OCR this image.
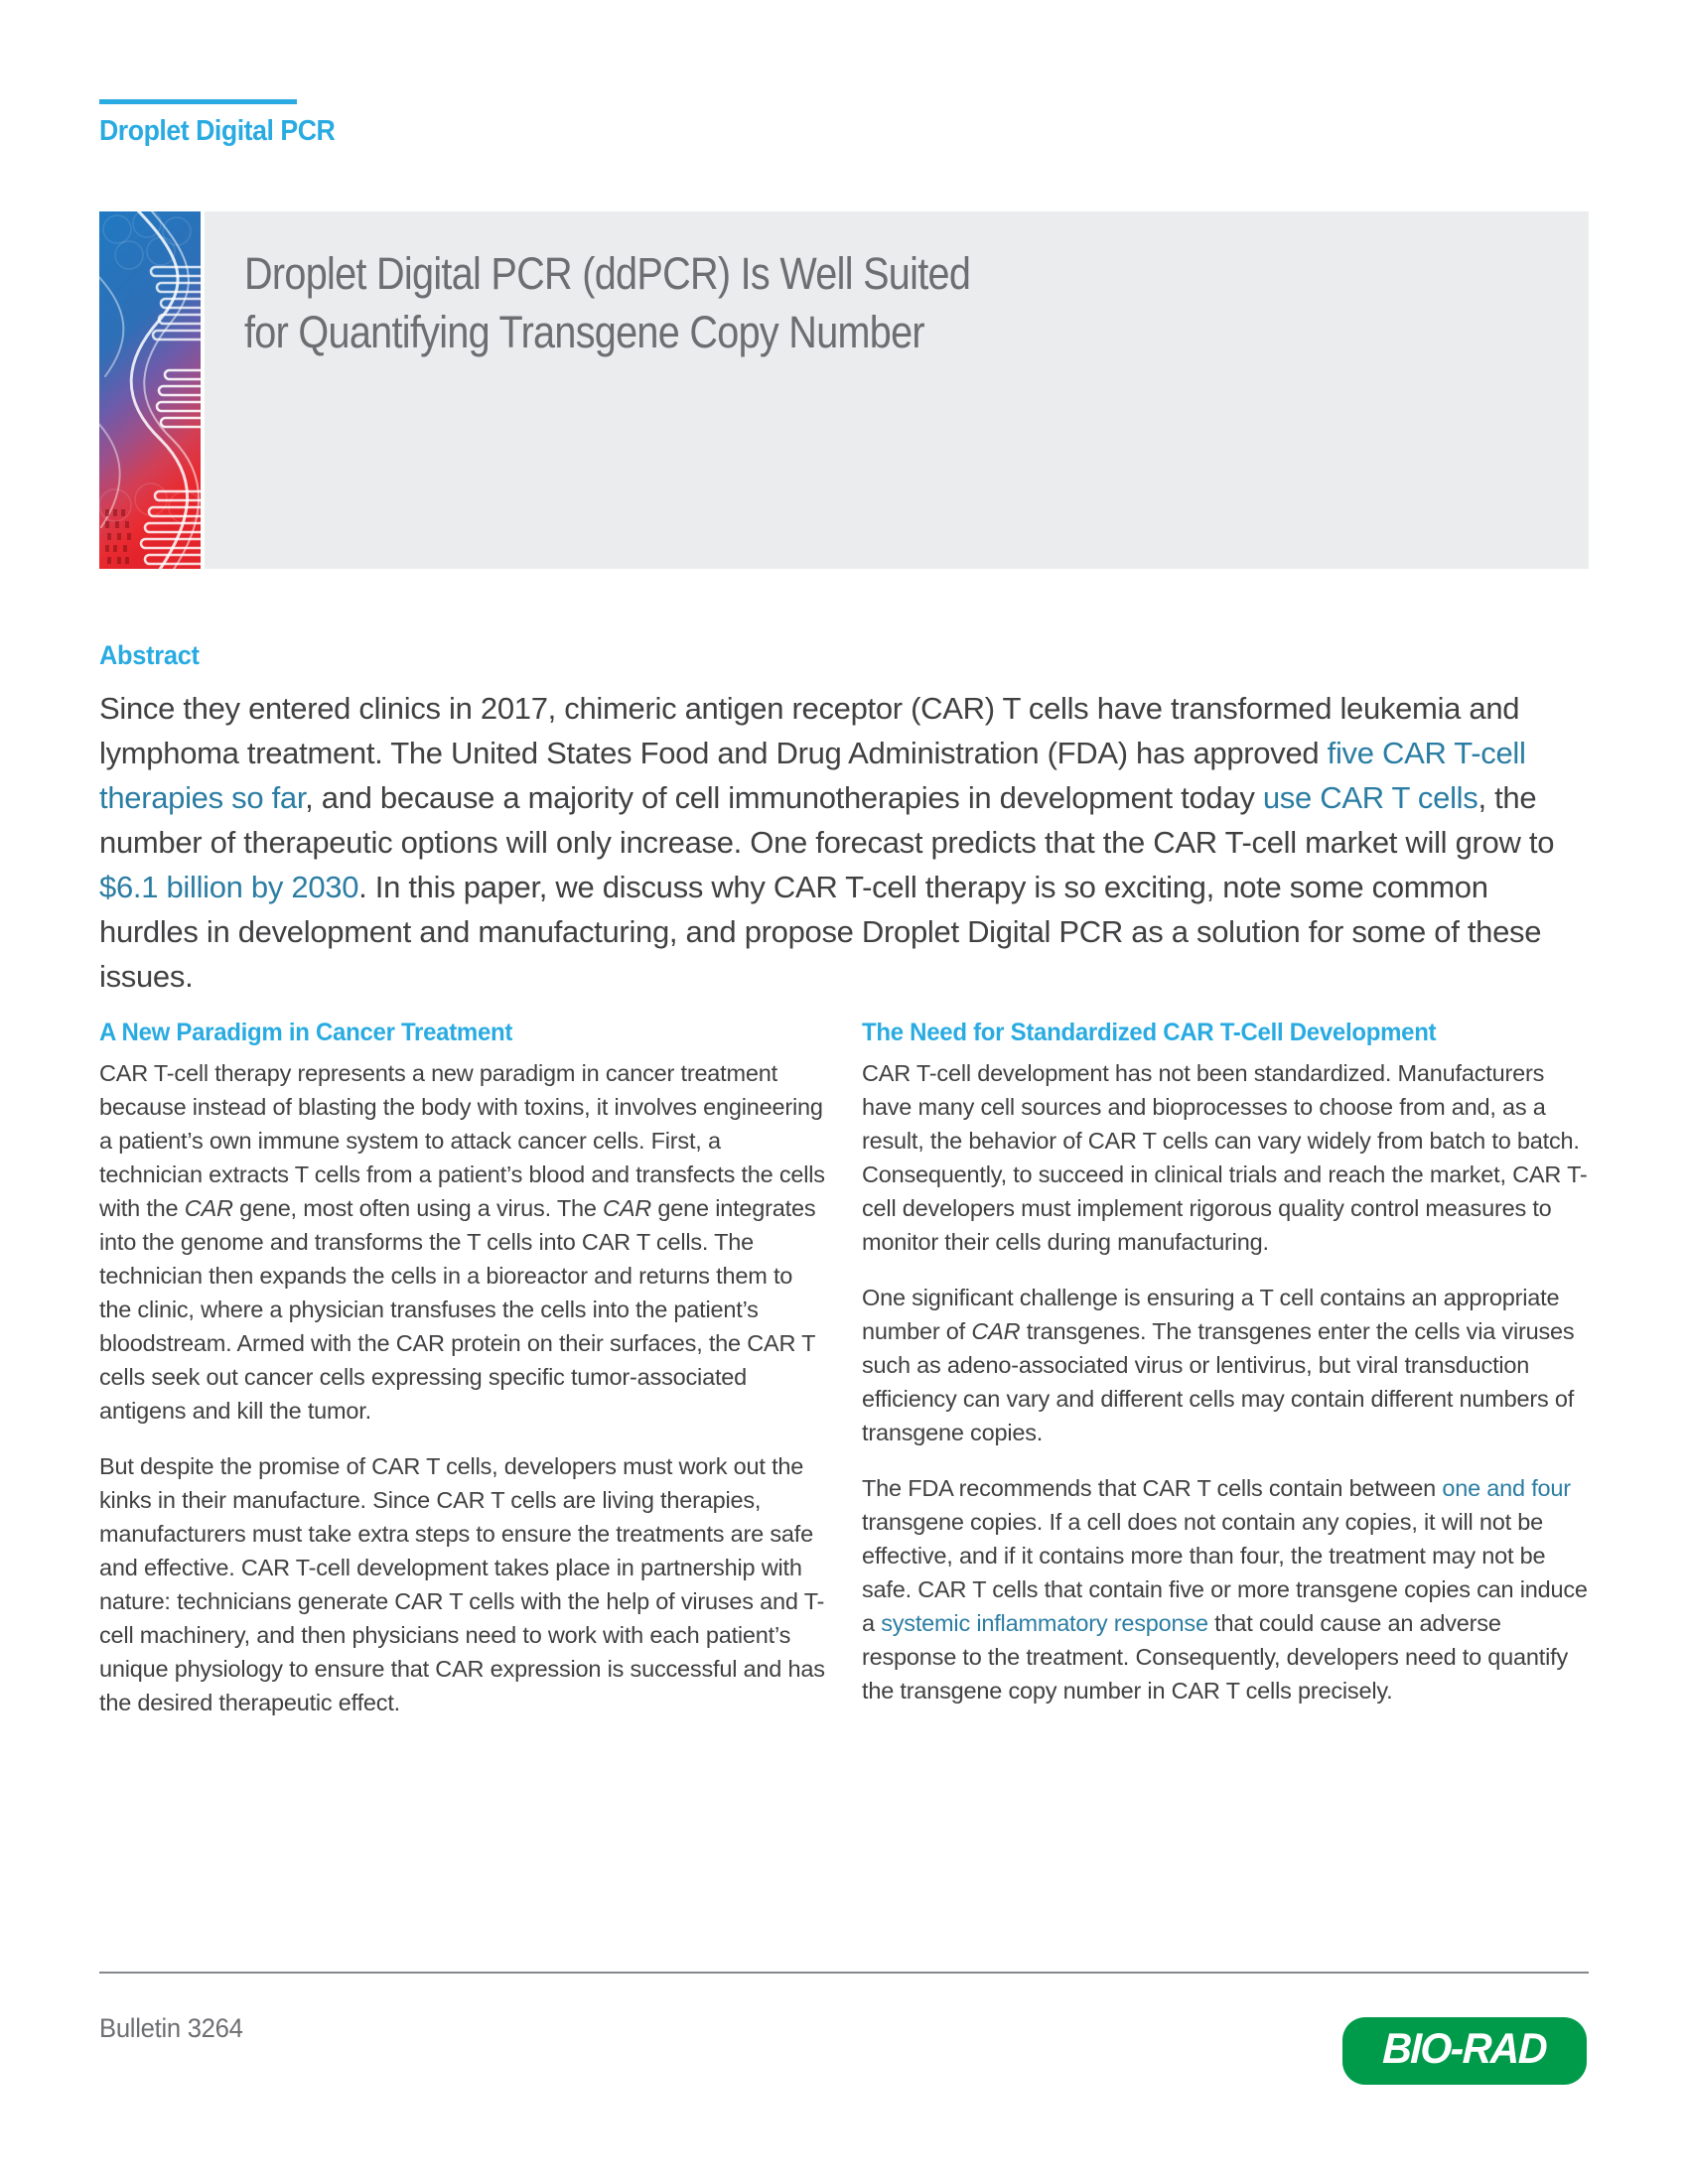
Droplet Digital PCR
Droplet Digital PCR (ddPCR) Is Well Suited
for Quantifying Transgene Copy Number
Abstract

Since they entered clinics in 2017, chimeric antigen receptor (CAR) T cells have transformed leukemia and lymphoma treatment. The United States Food and Drug Administration (FDA) has approved five CAR T-cell therapies so far, and because a majority of cell immunotherapies in development today use CAR T cells, the number of therapeutic options will only increase. One forecast predicts that the CAR T-cell market will grow to $6.1 billion by 2030. In this paper, we discuss why CAR T-cell therapy is so exciting, note some common hurdles in development and manufacturing, and propose Droplet Digital PCR as a solution for some of these issues.

A New Paradigm in Cancer Treatment

CAR T-cell therapy represents a new paradigm in cancer treatment because instead of blasting the body with toxins, it involves engineering a patient’s own immune system to attack cancer cells. First, a technician extracts T cells from a patient’s blood and transfects the cells with the CAR gene, most often using a virus. The CAR gene integrates into the genome and transforms the T cells into CAR T cells. The technician then expands the cells in a bioreactor and returns them to the clinic, where a physician transfuses the cells into the patient’s bloodstream. Armed with the CAR protein on their surfaces, the CAR T cells seek out cancer cells expressing specific tumor-associated antigens and kill the tumor.

But despite the promise of CAR T cells, developers must work out the kinks in their manufacture. Since CAR T cells are living therapies, manufacturers must take extra steps to ensure the treatments are safe and effective. CAR T-cell development takes place in partnership with nature: technicians generate CAR T cells with the help of viruses and T-cell machinery, and then physicians need to work with each patient’s unique physiology to ensure that CAR expression is successful and has the desired therapeutic effect.

The Need for Standardized CAR T-Cell Development

CAR T-cell development has not been standardized. Manufacturers have many cell sources and bioprocesses to choose from and, as a result, the behavior of CAR T cells can vary widely from batch to batch. Consequently, to succeed in clinical trials and reach the market, CAR T-cell developers must implement rigorous quality control measures to monitor their cells during manufacturing.

One significant challenge is ensuring a T cell contains an appropriate number of CAR transgenes. The transgenes enter the cells via viruses such as adeno-associated virus or lentivirus, but viral transduction efficiency can vary and different cells may contain different numbers of transgene copies.

The FDA recommends that CAR T cells contain between one and four transgene copies. If a cell does not contain any copies, it will not be effective, and if it contains more than four, the treatment may not be safe. CAR T cells that contain five or more transgene copies can induce a systemic inflammatory response that could cause an adverse response to the treatment. Consequently, developers need to quantify the transgene copy number in CAR T cells precisely.

Bulletin 3264	BIO-RAD
